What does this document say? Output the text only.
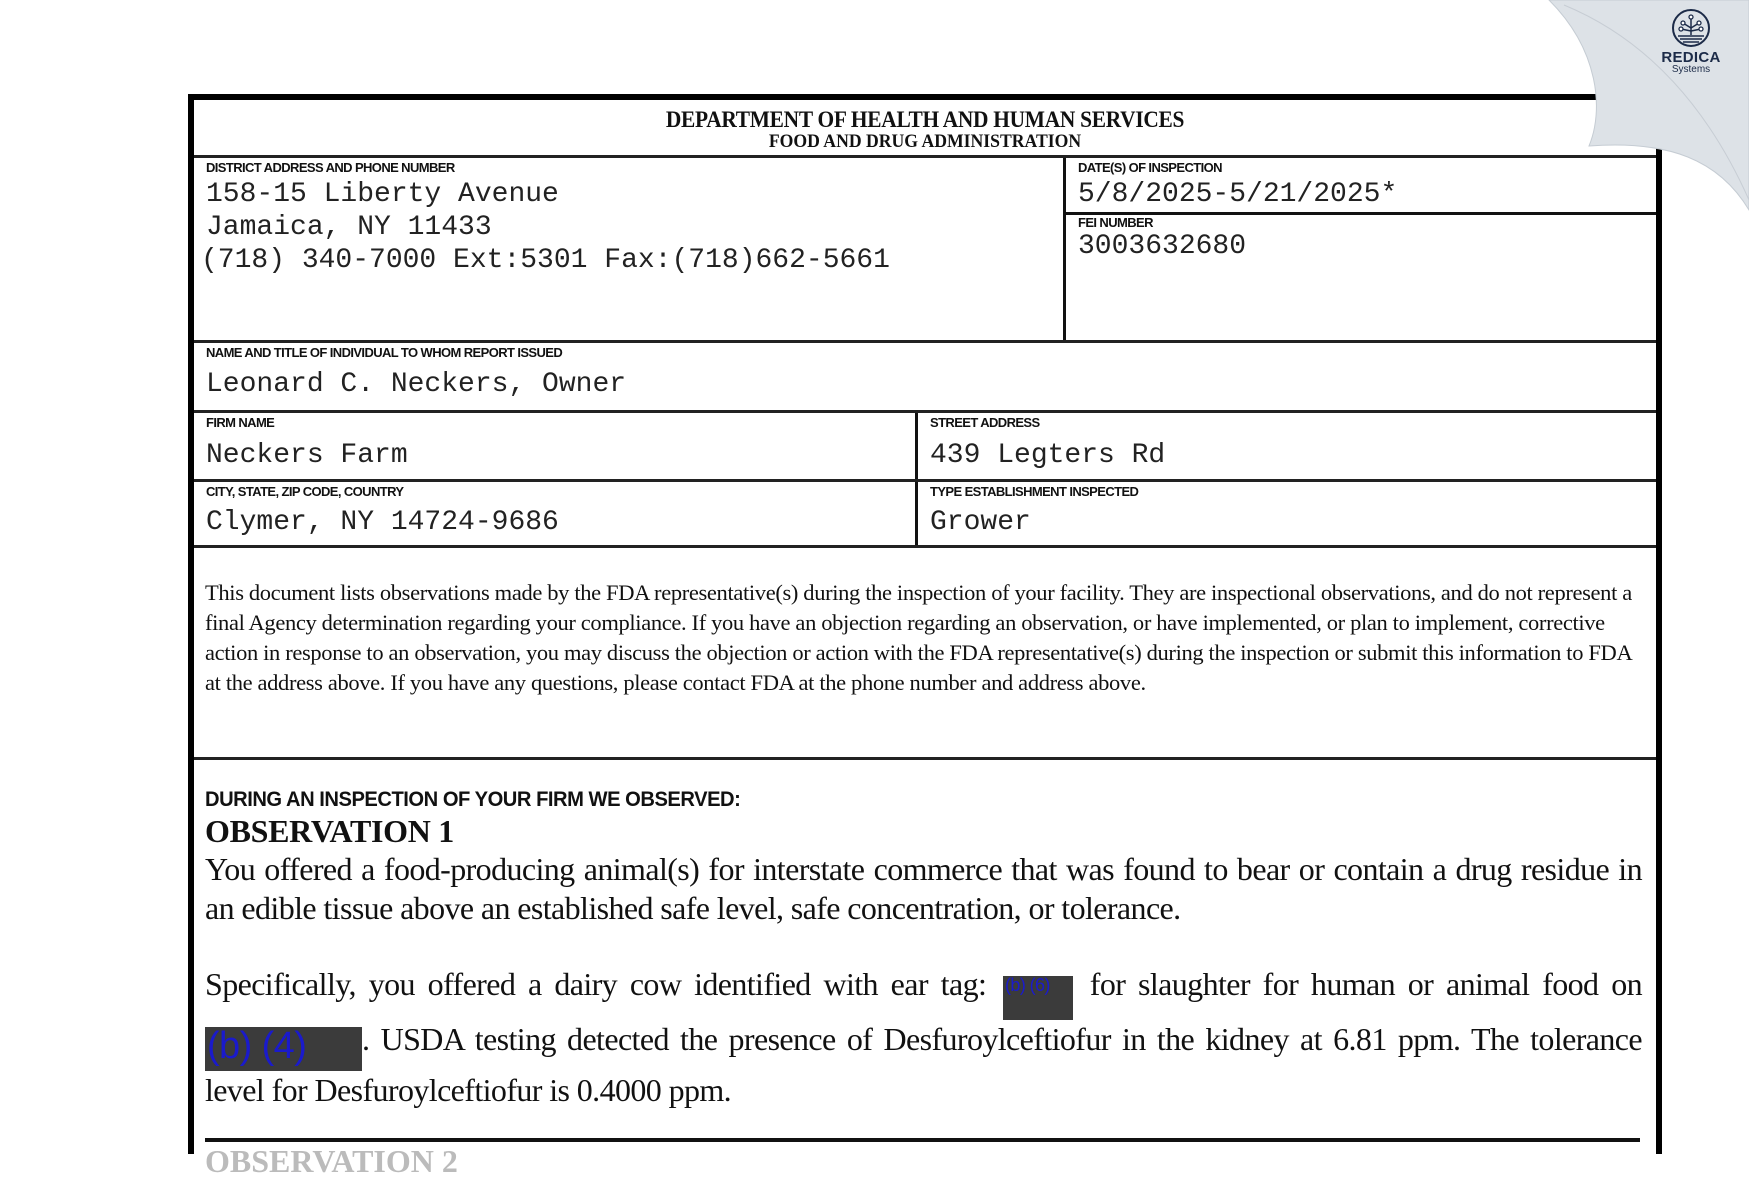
DEPARTMENT OF HEALTH AND HUMAN SERVICES
FOOD AND DRUG ADMINISTRATION
DISTRICT ADDRESS AND PHONE NUMBER
158-15 Liberty Avenue
Jamaica, NY 11433
(718) 340-7000 Ext:5301 Fax:(718)662-5661
DATE(S) OF INSPECTION
5/8/2025-5/21/2025*
FEI NUMBER
3003632680
NAME AND TITLE OF INDIVIDUAL TO WHOM REPORT ISSUED
Leonard C. Neckers, Owner
FIRM NAME
Neckers Farm
STREET ADDRESS
439 Legters Rd
CITY, STATE, ZIP CODE, COUNTRY
Clymer, NY 14724-9686
TYPE ESTABLISHMENT INSPECTED
Grower
This document lists observations made by the FDA representative(s) during the inspection of your facility. They are inspectional observations, and do not represent a final Agency determination regarding your compliance. If you have an objection regarding an observation, or have implemented, or plan to implement, corrective action in response to an observation, you may discuss the objection or action with the FDA representative(s) during the inspection or submit this information to FDA at the address above. If you have any questions, please contact FDA at the phone number and address above.
DURING AN INSPECTION OF YOUR FIRM WE OBSERVED:
OBSERVATION 1
You offered a food-producing animal(s) for interstate commerce that was found to bear or contain a drug residue in an edible tissue above an established safe level, safe concentration, or tolerance.
Specifically, you offered a dairy cow identified with ear tag: (b) (6) for slaughter for human or animal food on (b) (4) . USDA testing detected the presence of Desfuroylceftiofur in the kidney at 6.81 ppm. The tolerance level for Desfuroylceftiofur is 0.4000 ppm.
OBSERVATION 2
REDICA
Systems
